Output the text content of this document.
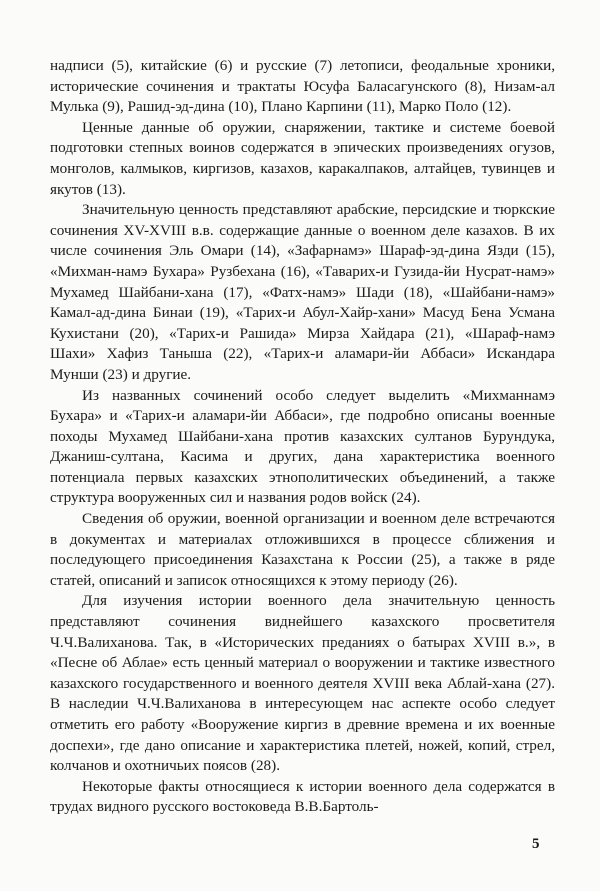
надписи (5), китайские (6) и русские (7) летописи, феодальные хроники, исторические сочинения и трактаты Юсуфа Баласагунского (8), Низам-ал Мулька (9), Рашид-эд-дина (10), Плано Карпини (11), Марко Поло (12).

Ценные данные об оружии, снаряжении, тактике и системе боевой подготовки степных воинов содержатся в эпических произведениях огузов, монголов, калмыков, киргизов, казахов, каракалпаков, алтайцев, тувинцев и якутов (13).

Значительную ценность представляют арабские, персидские и тюркские сочинения XV-XVIII в.в. содержащие данные о военном деле казахов. В их числе сочинения Эль Омари (14), «Зафарнамэ» Шараф-эд-дина Язди (15), «Михман-намэ Бухара» Рузбехана (16), «Таварих-и Гузида-йи Нусрат-намэ» Мухамед Шайбани-хана (17), «Фатх-намэ» Шади (18), «Шайбани-намэ» Камал-ад-дина Бинаи (19), «Тарих-и Абул-Хайр-хани» Масуд Бена Усмана Кухистани (20), «Тарих-и Рашида» Мирза Хайдара (21), «Шараф-намэ Шахи» Хафиз Таныша (22), «Тарих-и аламари-йи Аббаси» Искандара Мунши (23) и другие.

Из названных сочинений особо следует выделить «Михманнамэ Бухара» и «Тарих-и аламари-йи Аббаси», где подробно описаны военные походы Мухамед Шайбани-хана против казахских султанов Бурундука, Джаниш-султана, Касима и других, дана характеристика военного потенциала первых казахских этнополитических объединений, а также структура вооруженных сил и названия родов войск (24).

Сведения об оружии, военной организации и военном деле встречаются в документах и материалах отложившихся в процессе сближения и последующего присоединения Казахстана к России (25), а также в ряде статей, описаний и записок относящихся к этому периоду (26).

Для изучения истории военного дела значительную ценность представляют сочинения виднейшего казахского просветителя Ч.Ч.Валиханова. Так, в «Исторических преданиях о батырах XVIII в.», в «Песне об Аблае» есть ценный материал о вооружении и тактике известного казахского государственного и военного деятеля XVIII века Аблай-хана (27). В наследии Ч.Ч.Валиханова в интересующем нас аспекте особо следует отметить его работу «Вооружение киргиз в древние времена и их военные доспехи», где дано описание и характеристика плетей, ножей, копий, стрел, колчанов и охотничьих поясов (28).

Некоторые факты относящиеся к истории военного дела содержатся в трудах видного русского востоковеда В.В.Бартоль-

5
